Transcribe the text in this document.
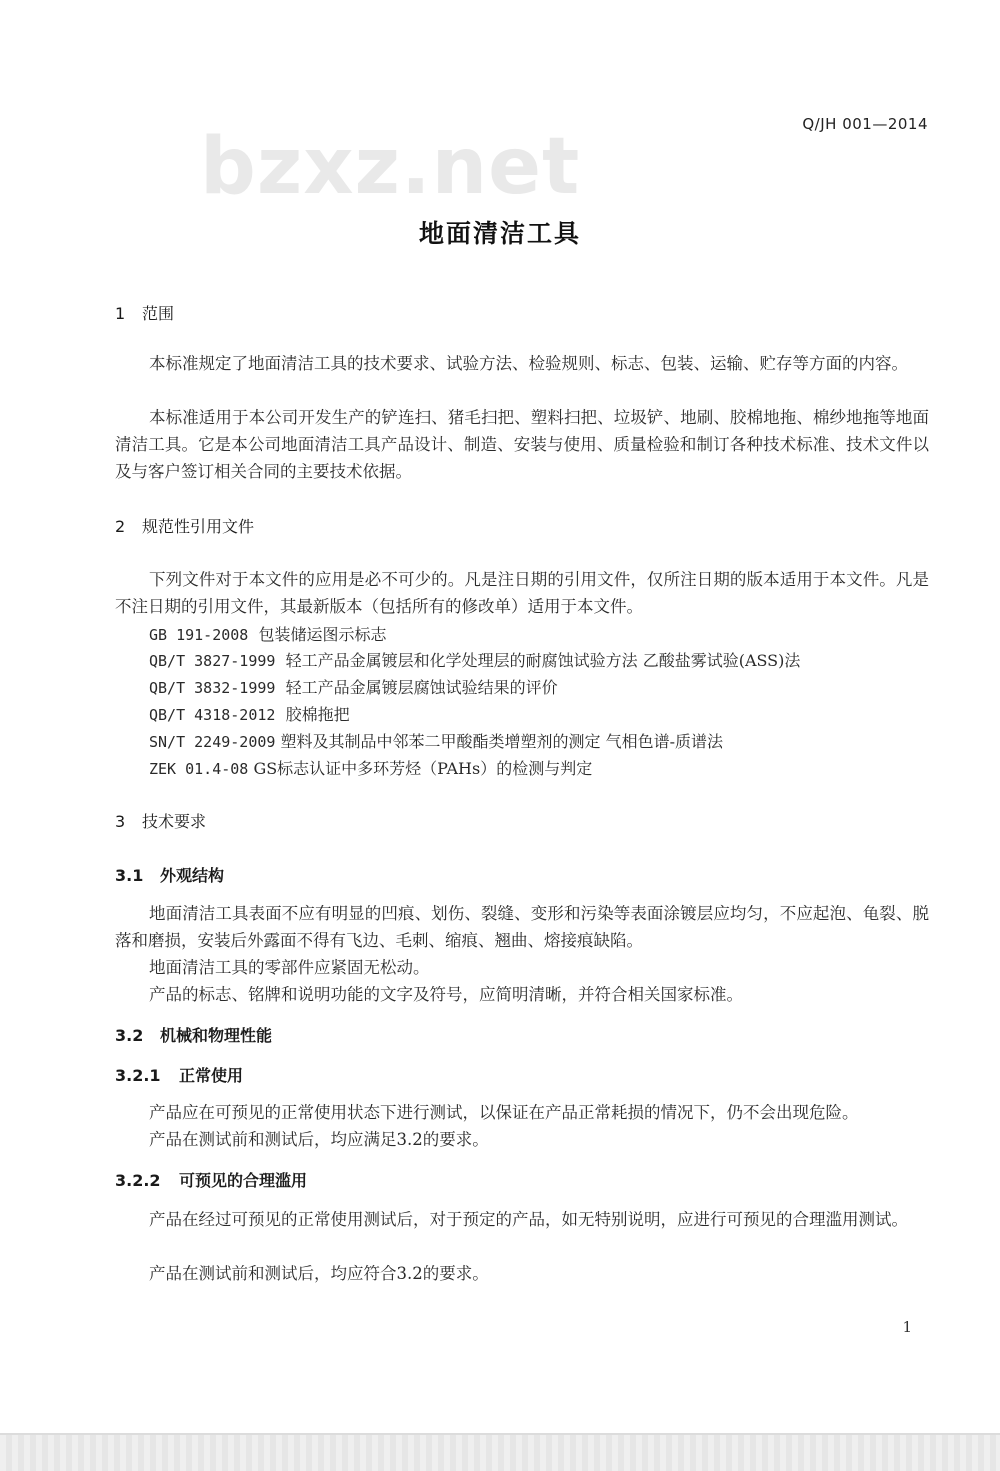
bzxz.net	Q/JH 001—2014
地面清洁工具
1 范围

本标准规定了地面清洁工具的技术要求、试验方法、检验规则、标志、包装、运输、贮存等方面的内容。

本标准适用于本公司开发生产的铲连扫、猪毛扫把、塑料扫把、垃圾铲、地刷、胶棉地拖、棉纱地拖等地面清洁工具。它是本公司地面清洁工具产品设计、制造、安装与使用、质量检验和制订各种技术标准、技术文件以及与客户签订相关合同的主要技术依据。

2 规范性引用文件

下列文件对于本文件的应用是必不可少的。凡是注日期的引用文件，仅所注日期的版本适用于本文件。凡是不注日期的引用文件，其最新版本（包括所有的修改单）适用于本文件。

GB 191-2008 包装储运图示标志
QB/T 3827-1999 轻工产品金属镀层和化学处理层的耐腐蚀试验方法 乙酸盐雾试验(ASS)法
QB/T 3832-1999 轻工产品金属镀层腐蚀试验结果的评价
QB/T 4318-2012 胶棉拖把
SN/T 2249-2009 塑料及其制品中邻苯二甲酸酯类增塑剂的测定 气相色谱-质谱法
ZEK 01.4-08 GS标志认证中多环芳烃（PAHs）的检测与判定
3 技术要求
3.1 外观结构

地面清洁工具表面不应有明显的凹痕、划伤、裂缝、变形和污染等表面涂镀层应均匀，不应起泡、龟裂、脱落和磨损，安装后外露面不得有飞边、毛刺、缩痕、翘曲、熔接痕缺陷。

地面清洁工具的零部件应紧固无松动。

产品的标志、铭牌和说明功能的文字及符号，应简明清晰，并符合相关国家标准。

3.2 机械和物理性能
3.2.1 正常使用

产品应在可预见的正常使用状态下进行测试，以保证在产品正常耗损的情况下，仍不会出现危险。

产品在测试前和测试后，均应满足3.2的要求。

3.2.2 可预见的合理滥用

产品在经过可预见的正常使用测试后，对于预定的产品，如无特别说明，应进行可预见的合理滥用测试。

产品在测试前和测试后，均应符合3.2的要求。

1
